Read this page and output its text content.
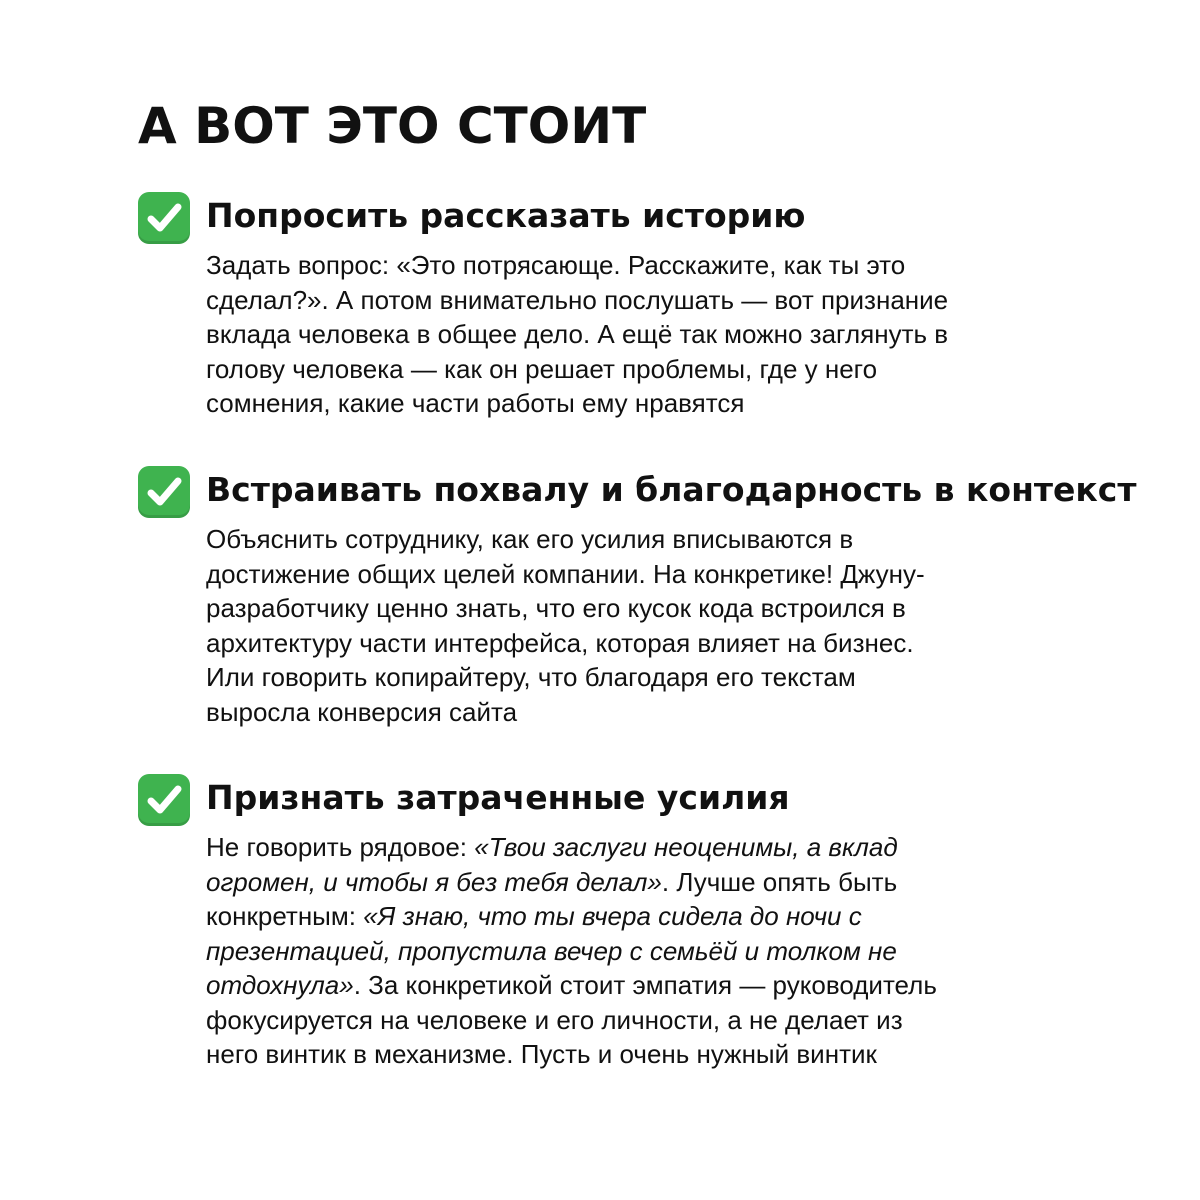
А ВОТ ЭТО СТОИТ
Попросить рассказать историю

Задать вопрос: «Это потрясающе. Расскажите, как ты это
сделал?». А потом внимательно послушать — вот признание
вклада человека в общее дело. А ещё так можно заглянуть в
голову человека — как он решает проблемы, где у него
сомнения, какие части работы ему нравятся

Встраивать похвалу и благодарность в контекст

Объяснить сотруднику, как его усилия вписываются в
достижение общих целей компании. На конкретике! Джуну-
разработчику ценно знать, что его кусок кода встроился в
архитектуру части интерфейса, которая влияет на бизнес.
Или говорить копирайтеру, что благодаря его текстам
выросла конверсия сайта

Признать затраченные усилия

Не говорить рядовое: «Твои заслуги неоценимы, а вклад
огромен, и чтобы я без тебя делал». Лучше опять быть
конкретным: «Я знаю, что ты вчера сидела до ночи с
презентацией, пропустила вечер с семьёй и толком не
отдохнула». За конкретикой стоит эмпатия — руководитель
фокусируется на человеке и его личности, а не делает из
него винтик в механизме. Пусть и очень нужный винтик
